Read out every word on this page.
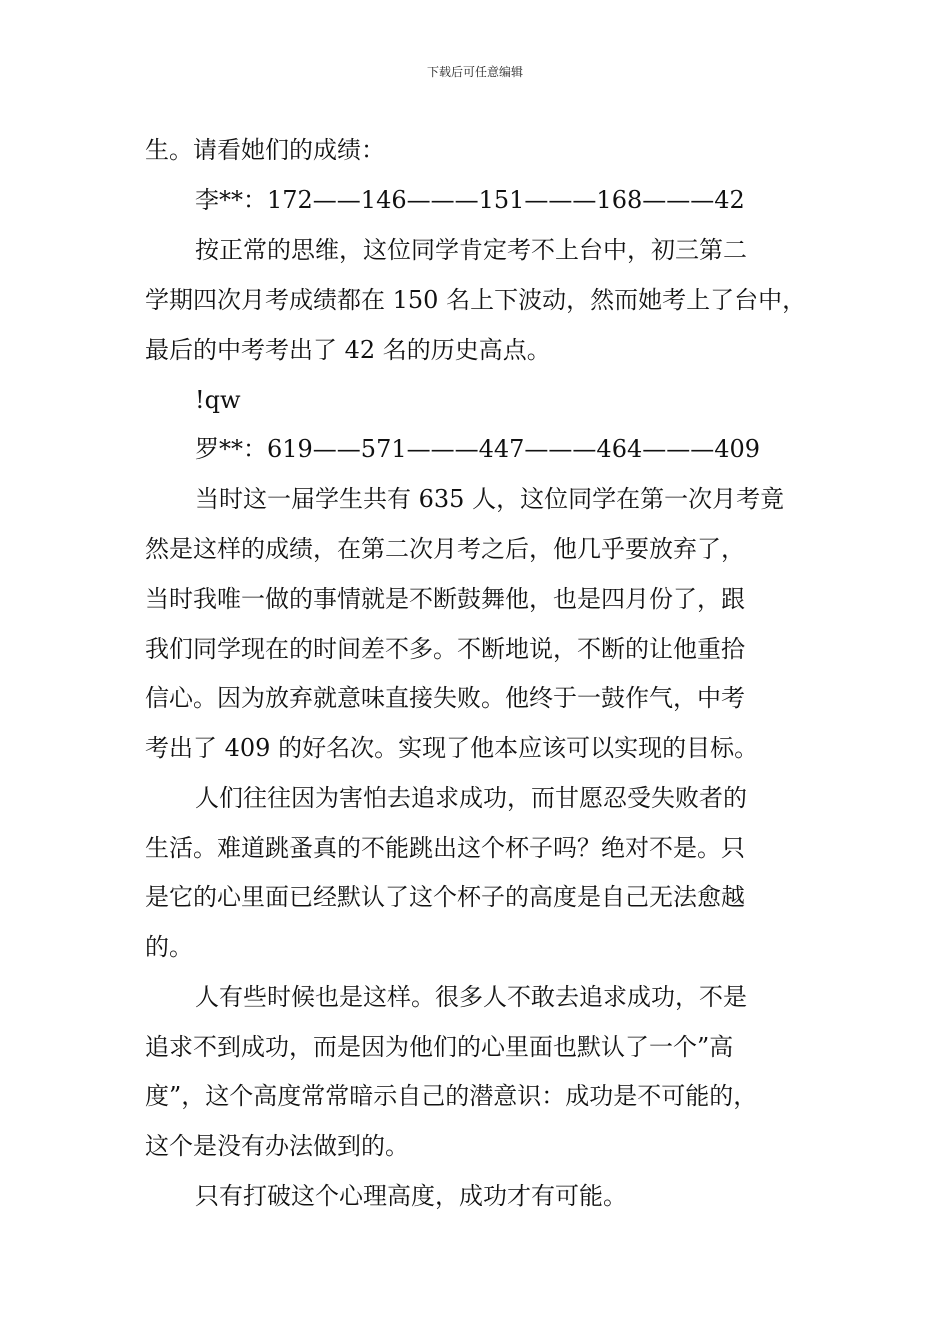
下载后可任意编辑
生。请看她们的成绩：
李**：172——146———151———168———42
按正常的思维，这位同学肯定考不上台中，初三第二
学期四次月考成绩都在 150 名上下波动，然而她考上了台中，
最后的中考考出了 42 名的历史高点。
!qw
罗**：619——571———447———464———409
当时这一届学生共有 635 人，这位同学在第一次月考竟
然是这样的成绩，在第二次月考之后，他几乎要放弃了，
当时我唯一做的事情就是不断鼓舞他，也是四月份了，跟
我们同学现在的时间差不多。不断地说，不断的让他重拾
信心。因为放弃就意味直接失败。他终于一鼓作气，中考
考出了 409 的好名次。实现了他本应该可以实现的目标。
人们往往因为害怕去追求成功，而甘愿忍受失败者的
生活。难道跳蚤真的不能跳出这个杯子吗？绝对不是。只
是它的心里面已经默认了这个杯子的高度是自己无法愈越
的。
人有些时候也是这样。很多人不敢去追求成功，不是
追求不到成功，而是因为他们的心里面也默认了一个”高
度”，这个高度常常暗示自己的潜意识：成功是不可能的，
这个是没有办法做到的。
只有打破这个心理高度，成功才有可能。
